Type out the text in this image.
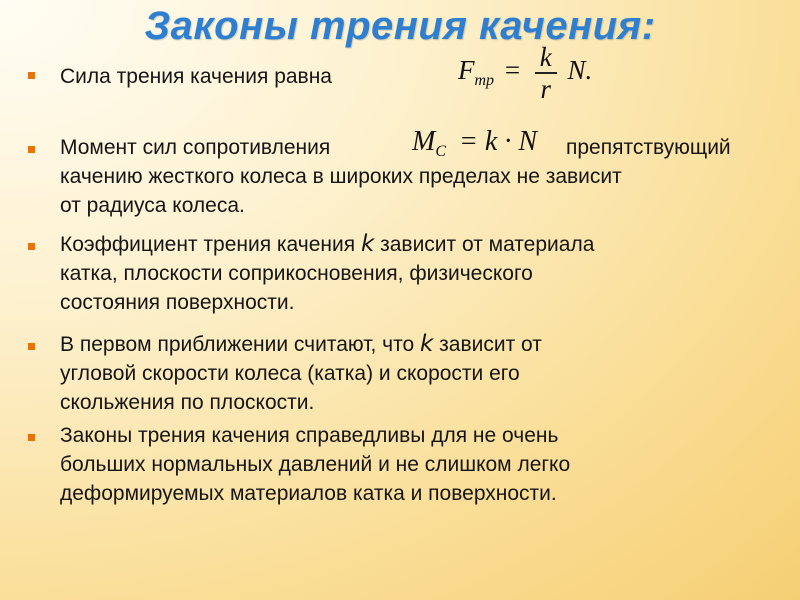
Законы трения качения:
Сила трения качения равна	$F_{тр} = \frac{k}{r} N$.
Момент сил сопротивления	$M_C = k \cdot N$ препятствующий
качению жесткого колеса в широких пределах не зависит
от радиуса колеса.
Коэффициент трения качения k зависит от материала
катка, плоскости соприкосновения, физического
состояния поверхности.
В первом приближении считают, что k зависит от
угловой скорости колеса (катка) и скорости его
скольжения по плоскости.
Законы трения качения справедливы для не очень
больших нормальных давлений и не слишком легко
деформируемых материалов катка и поверхности.
